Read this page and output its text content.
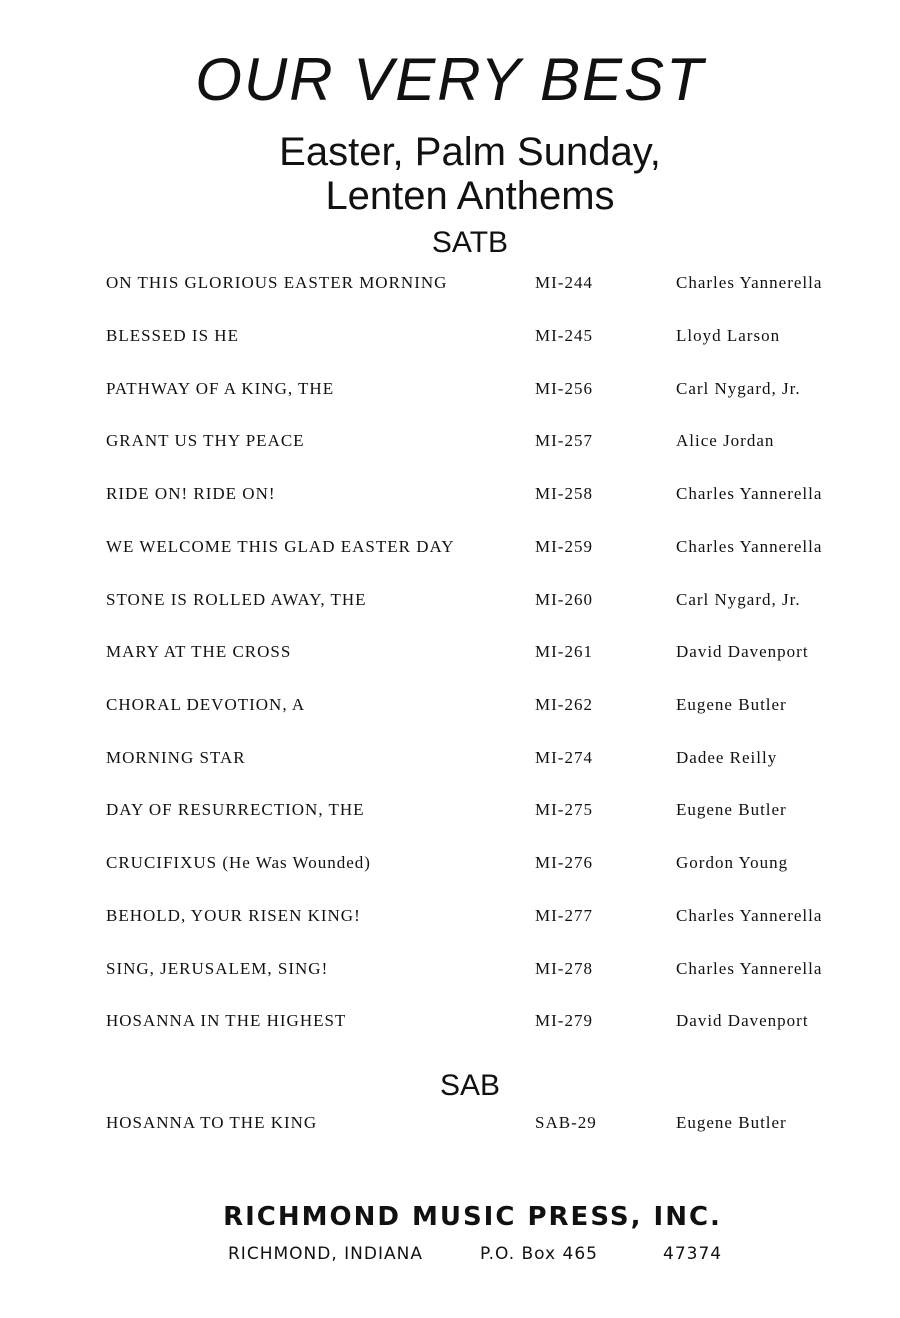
OUR VERY BEST
Easter, Palm Sunday,
Lenten Anthems
SATB
ON THIS GLORIOUS EASTER MORNING	MI-244	Charles Yannerella
BLESSED IS HE	MI-245	Lloyd Larson
PATHWAY OF A KING, THE	MI-256	Carl Nygard, Jr.
GRANT US THY PEACE	MI-257	Alice Jordan
RIDE ON! RIDE ON!	MI-258	Charles Yannerella
WE WELCOME THIS GLAD EASTER DAY	MI-259	Charles Yannerella
STONE IS ROLLED AWAY, THE	MI-260	Carl Nygard, Jr.
MARY AT THE CROSS	MI-261	David Davenport
CHORAL DEVOTION, A	MI-262	Eugene Butler
MORNING STAR	MI-274	Dadee Reilly
DAY OF RESURRECTION, THE	MI-275	Eugene Butler
CRUCIFIXUS (He Was Wounded)	MI-276	Gordon Young
BEHOLD, YOUR RISEN KING!	MI-277	Charles Yannerella
SING, JERUSALEM, SING!	MI-278	Charles Yannerella
HOSANNA IN THE HIGHEST	MI-279	David Davenport
SAB
HOSANNA TO THE KING	SAB-29	Eugene Butler
RICHMOND MUSIC PRESS, INC.
RICHMOND, INDIANA	P.O. Box 465	47374
